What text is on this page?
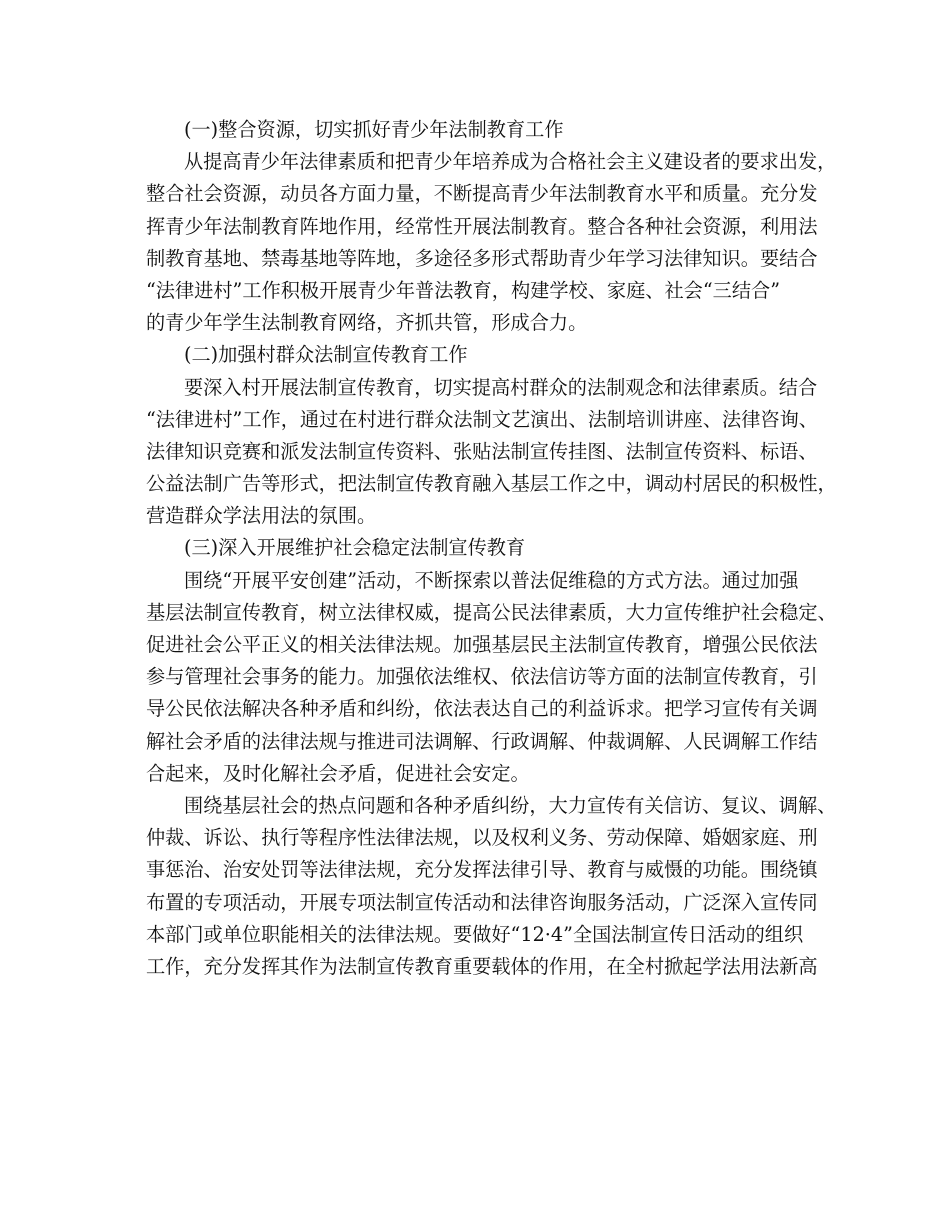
(一)整合资源，切实抓好青少年法制教育工作
从提高青少年法律素质和把青少年培养成为合格社会主义建设者的要求出发，
整合社会资源，动员各方面力量，不断提高青少年法制教育水平和质量。充分发
挥青少年法制教育阵地作用，经常性开展法制教育。整合各种社会资源，利用法
制教育基地、禁毒基地等阵地，多途径多形式帮助青少年学习法律知识。要结合
“法律进村”工作积极开展青少年普法教育，构建学校、家庭、社会“三结合”
的青少年学生法制教育网络，齐抓共管，形成合力。
(二)加强村群众法制宣传教育工作
要深入村开展法制宣传教育，切实提高村群众的法制观念和法律素质。结合
“法律进村”工作，通过在村进行群众法制文艺演出、法制培训讲座、法律咨询、
法律知识竞赛和派发法制宣传资料、张贴法制宣传挂图、法制宣传资料、标语、
公益法制广告等形式，把法制宣传教育融入基层工作之中，调动村居民的积极性，
营造群众学法用法的氛围。
(三)深入开展维护社会稳定法制宣传教育
围绕“开展平安创建”活动，不断探索以普法促维稳的方式方法。通过加强
基层法制宣传教育，树立法律权威，提高公民法律素质，大力宣传维护社会稳定、
促进社会公平正义的相关法律法规。加强基层民主法制宣传教育，增强公民依法
参与管理社会事务的能力。加强依法维权、依法信访等方面的法制宣传教育，引
导公民依法解决各种矛盾和纠纷，依法表达自己的利益诉求。把学习宣传有关调
解社会矛盾的法律法规与推进司法调解、行政调解、仲裁调解、人民调解工作结
合起来，及时化解社会矛盾，促进社会安定。
围绕基层社会的热点问题和各种矛盾纠纷，大力宣传有关信访、复议、调解、
仲裁、诉讼、执行等程序性法律法规，以及权利义务、劳动保障、婚姻家庭、刑
事惩治、治安处罚等法律法规，充分发挥法律引导、教育与威慑的功能。围绕镇
布置的专项活动，开展专项法制宣传活动和法律咨询服务活动，广泛深入宣传同
本部门或单位职能相关的法律法规。要做好“12·4”全国法制宣传日活动的组织
工作，充分发挥其作为法制宣传教育重要载体的作用，在全村掀起学法用法新高
